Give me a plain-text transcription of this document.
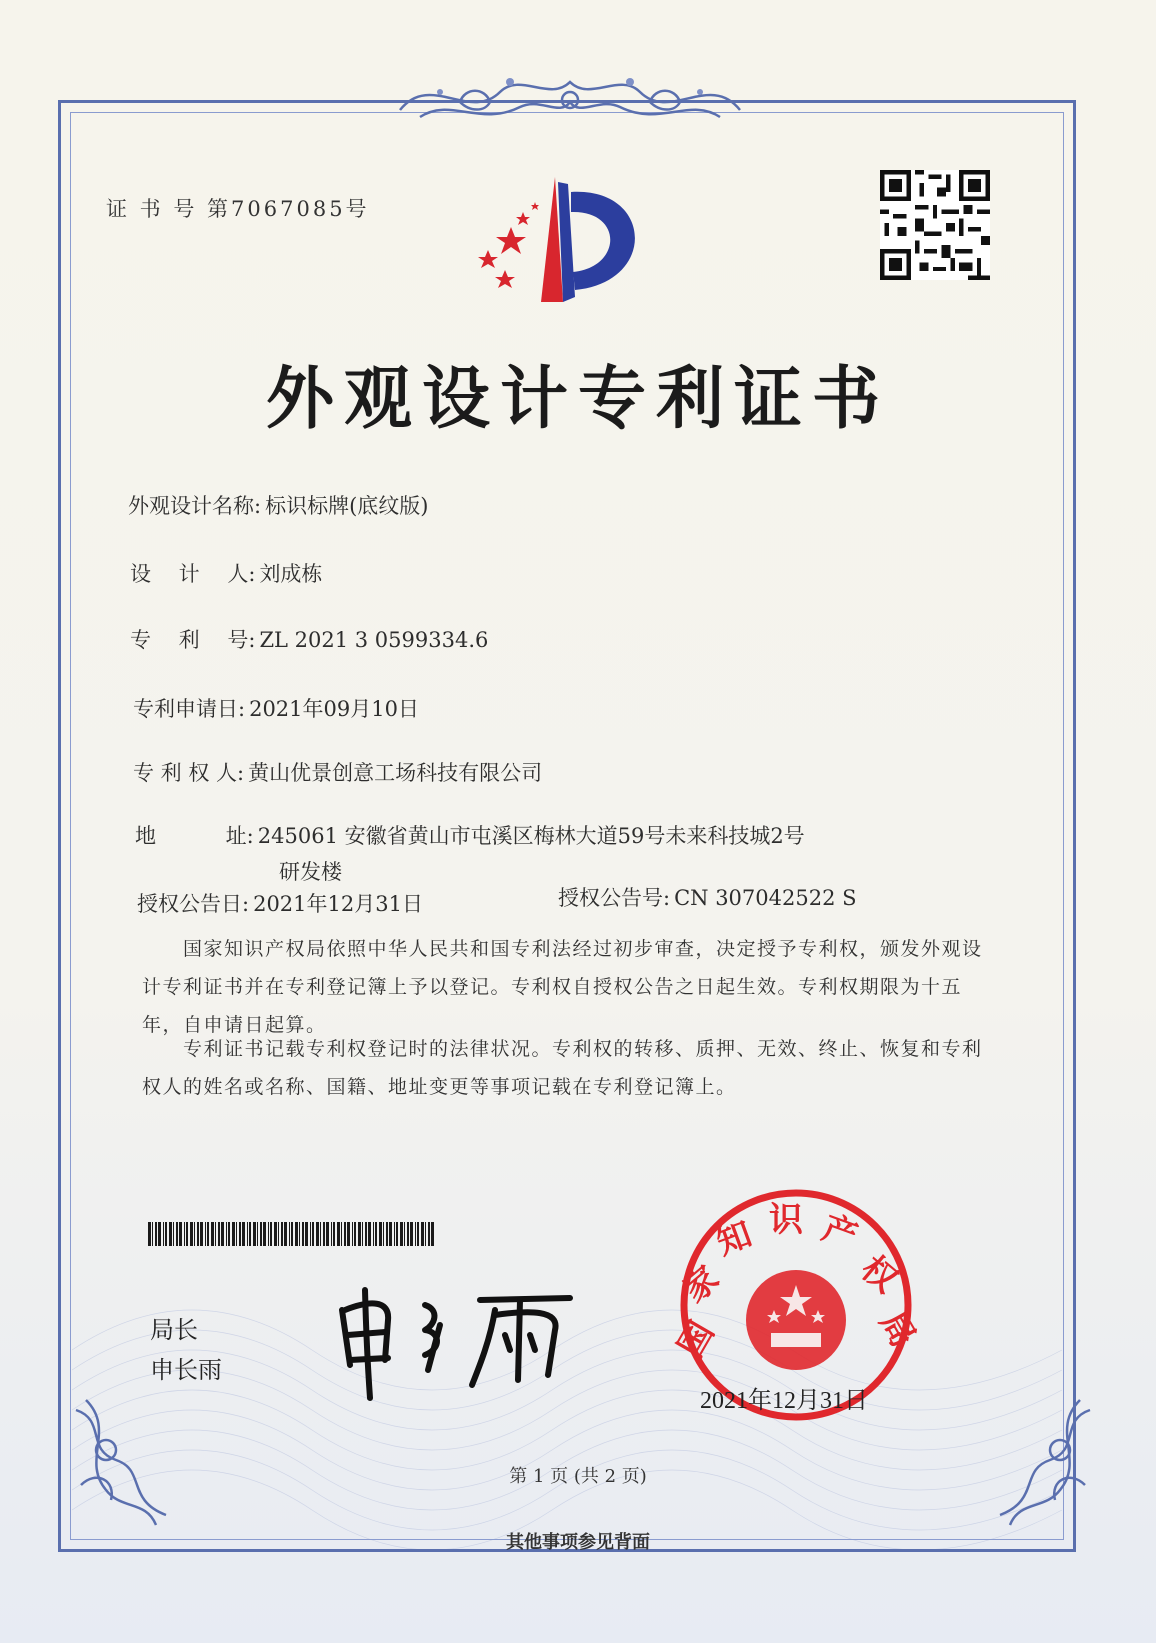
证 书 号 第7067085号
外观设计专利证书
外观设计名称: 标识标牌(底纹版)
设　 计　 人: 刘成栋
专　 利　 号: ZL 2021 3 0599334.6
专利申请日: 2021年09月10日
专 利 权 人: 黄山优景创意工场科技有限公司
地　　　 址: 245061 安徽省黄山市屯溪区梅林大道59号未来科技城2号
研发楼
授权公告日: 2021年12月31日	授权公告号: CN 307042522 S
　　国家知识产权局依照中华人民共和国专利法经过初步审查，决定授予专利权，颁发外观设计专利证书并在专利登记簿上予以登记。专利权自授权公告之日起生效。专利权期限为十五年，自申请日起算。
　　专利证书记载专利权登记时的法律状况。专利权的转移、质押、无效、终止、恢复和专利权人的姓名或名称、国籍、地址变更等事项记载在专利登记簿上。
局长
申长雨
国
家
知 识 产
权
局
2021年12月31日
第 1 页 (共 2 页)
其他事项参见背面
